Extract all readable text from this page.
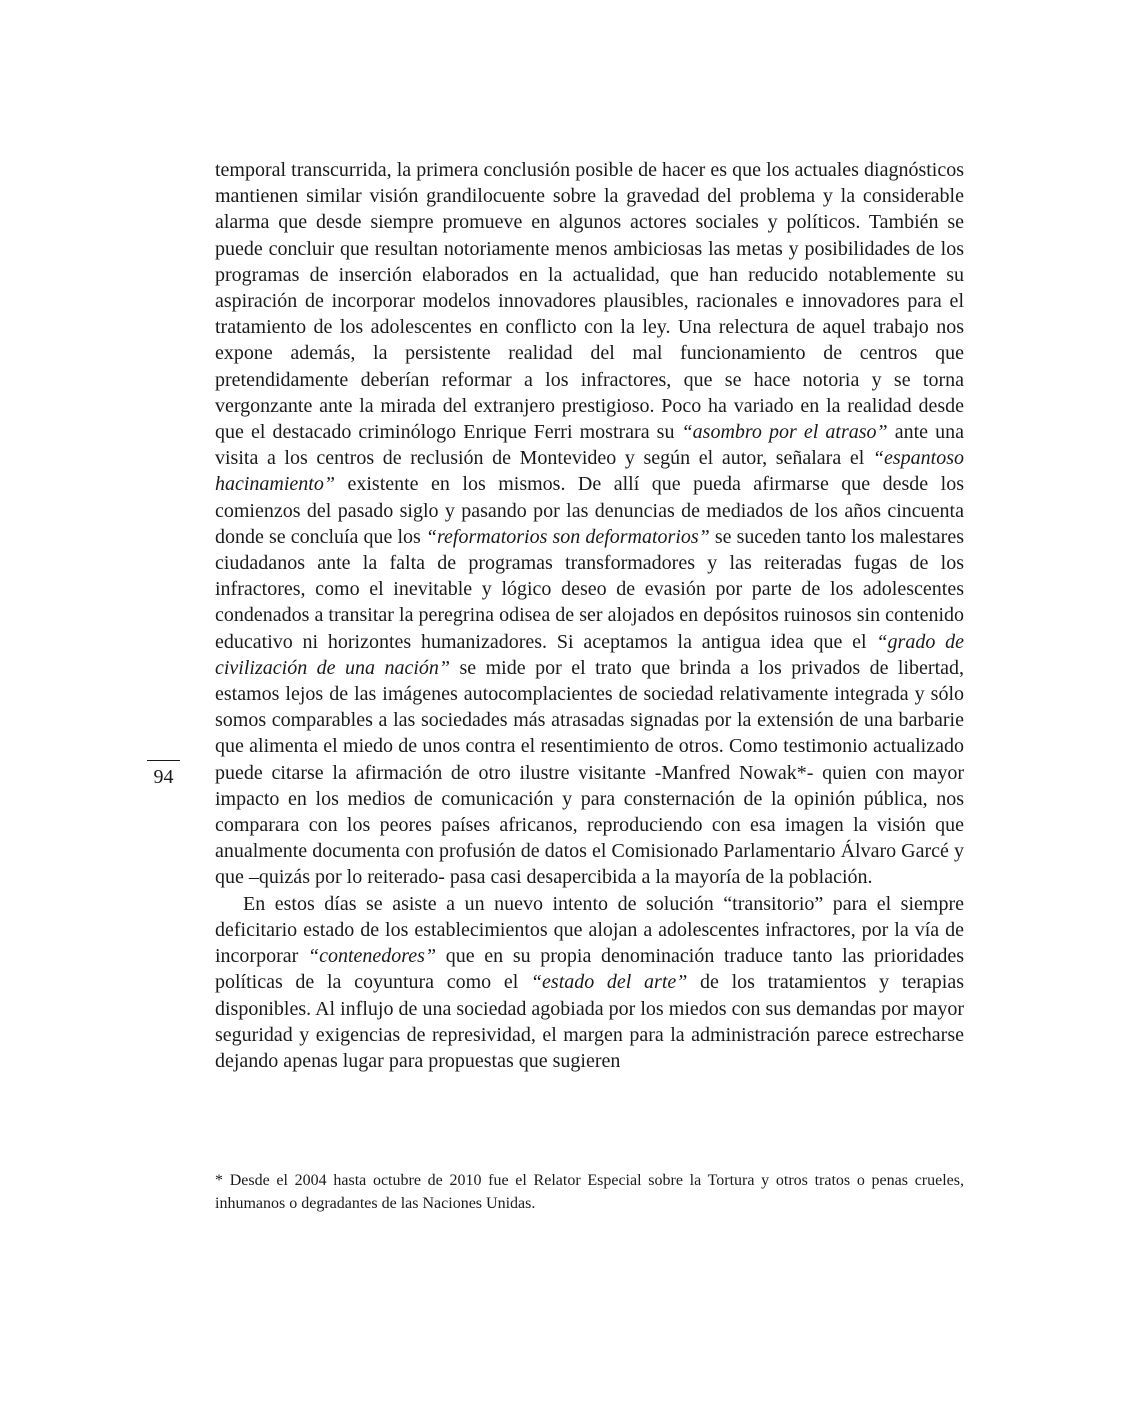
temporal transcurrida, la primera conclusión posible de hacer es que los actuales diagnósticos mantienen similar visión grandilocuente sobre la gravedad del problema y la considerable alarma que desde siempre promueve en algunos actores sociales y políticos. También se puede concluir que resultan notoriamente menos ambiciosas las metas y posibilidades de los programas de inserción elaborados en la actualidad, que han reducido notablemente su aspiración de incorporar modelos innovadores plausibles, racionales e innovadores para el tratamiento de los adolescentes en conflicto con la ley. Una relectura de aquel trabajo nos expone además, la persistente realidad del mal funcionamiento de centros que pretendidamente deberían reformar a los infractores, que se hace notoria y se torna vergonzante ante la mirada del extranjero prestigioso. Poco ha variado en la realidad desde que el destacado criminólogo Enrique Ferri mostrara su “asombro por el atraso” ante una visita a los centros de reclusión de Montevideo y según el autor, señalara el “espantoso hacinamiento” existente en los mismos. De allí que pueda afirmarse que desde los comienzos del pasado siglo y pasando por las denuncias de mediados de los años cincuenta donde se concluía que los “reformatorios son deformatorios” se suceden tanto los malestares ciudadanos ante la falta de programas transformadores y las reiteradas fugas de los infractores, como el inevitable y lógico deseo de evasión por parte de los adolescentes condenados a transitar la peregrina odisea de ser alojados en depósitos ruinosos sin contenido educativo ni horizontes humanizadores. Si aceptamos la antigua idea que el “grado de civilización de una nación” se mide por el trato que brinda a los privados de libertad, estamos lejos de las imágenes autocomplacientes de sociedad relativamente integrada y sólo somos comparables a las sociedades más atrasadas signadas por la extensión de una barbarie que alimenta el miedo de unos contra el resentimiento de otros. Como testimonio actualizado puede citarse la afirmación de otro ilustre visitante -Manfred Nowak*- quien con mayor impacto en los medios de comunicación y para consternación de la opinión pública, nos comparara con los peores países africanos, reproduciendo con esa imagen la visión que anualmente documenta con profusión de datos el Comisionado Parlamentario Álvaro Garcé y que –quizás por lo reiterado- pasa casi desapercibida a la mayoría de la población.

En estos días se asiste a un nuevo intento de solución “transitorio” para el siempre deficitario estado de los establecimientos que alojan a adolescentes infractores, por la vía de incorporar “contenedores” que en su propia denominación traduce tanto las prioridades políticas de la coyuntura como el “estado del arte” de los tratamientos y terapias disponibles. Al influjo de una sociedad agobiada por los miedos con sus demandas por mayor seguridad y exigencias de represividad, el margen para la administración parece estrecharse dejando apenas lugar para propuestas que sugieren

94
* Desde el 2004 hasta octubre de 2010 fue el Relator Especial sobre la Tortura y otros tratos o penas crueles, inhumanos o degradantes de las Naciones Unidas.
